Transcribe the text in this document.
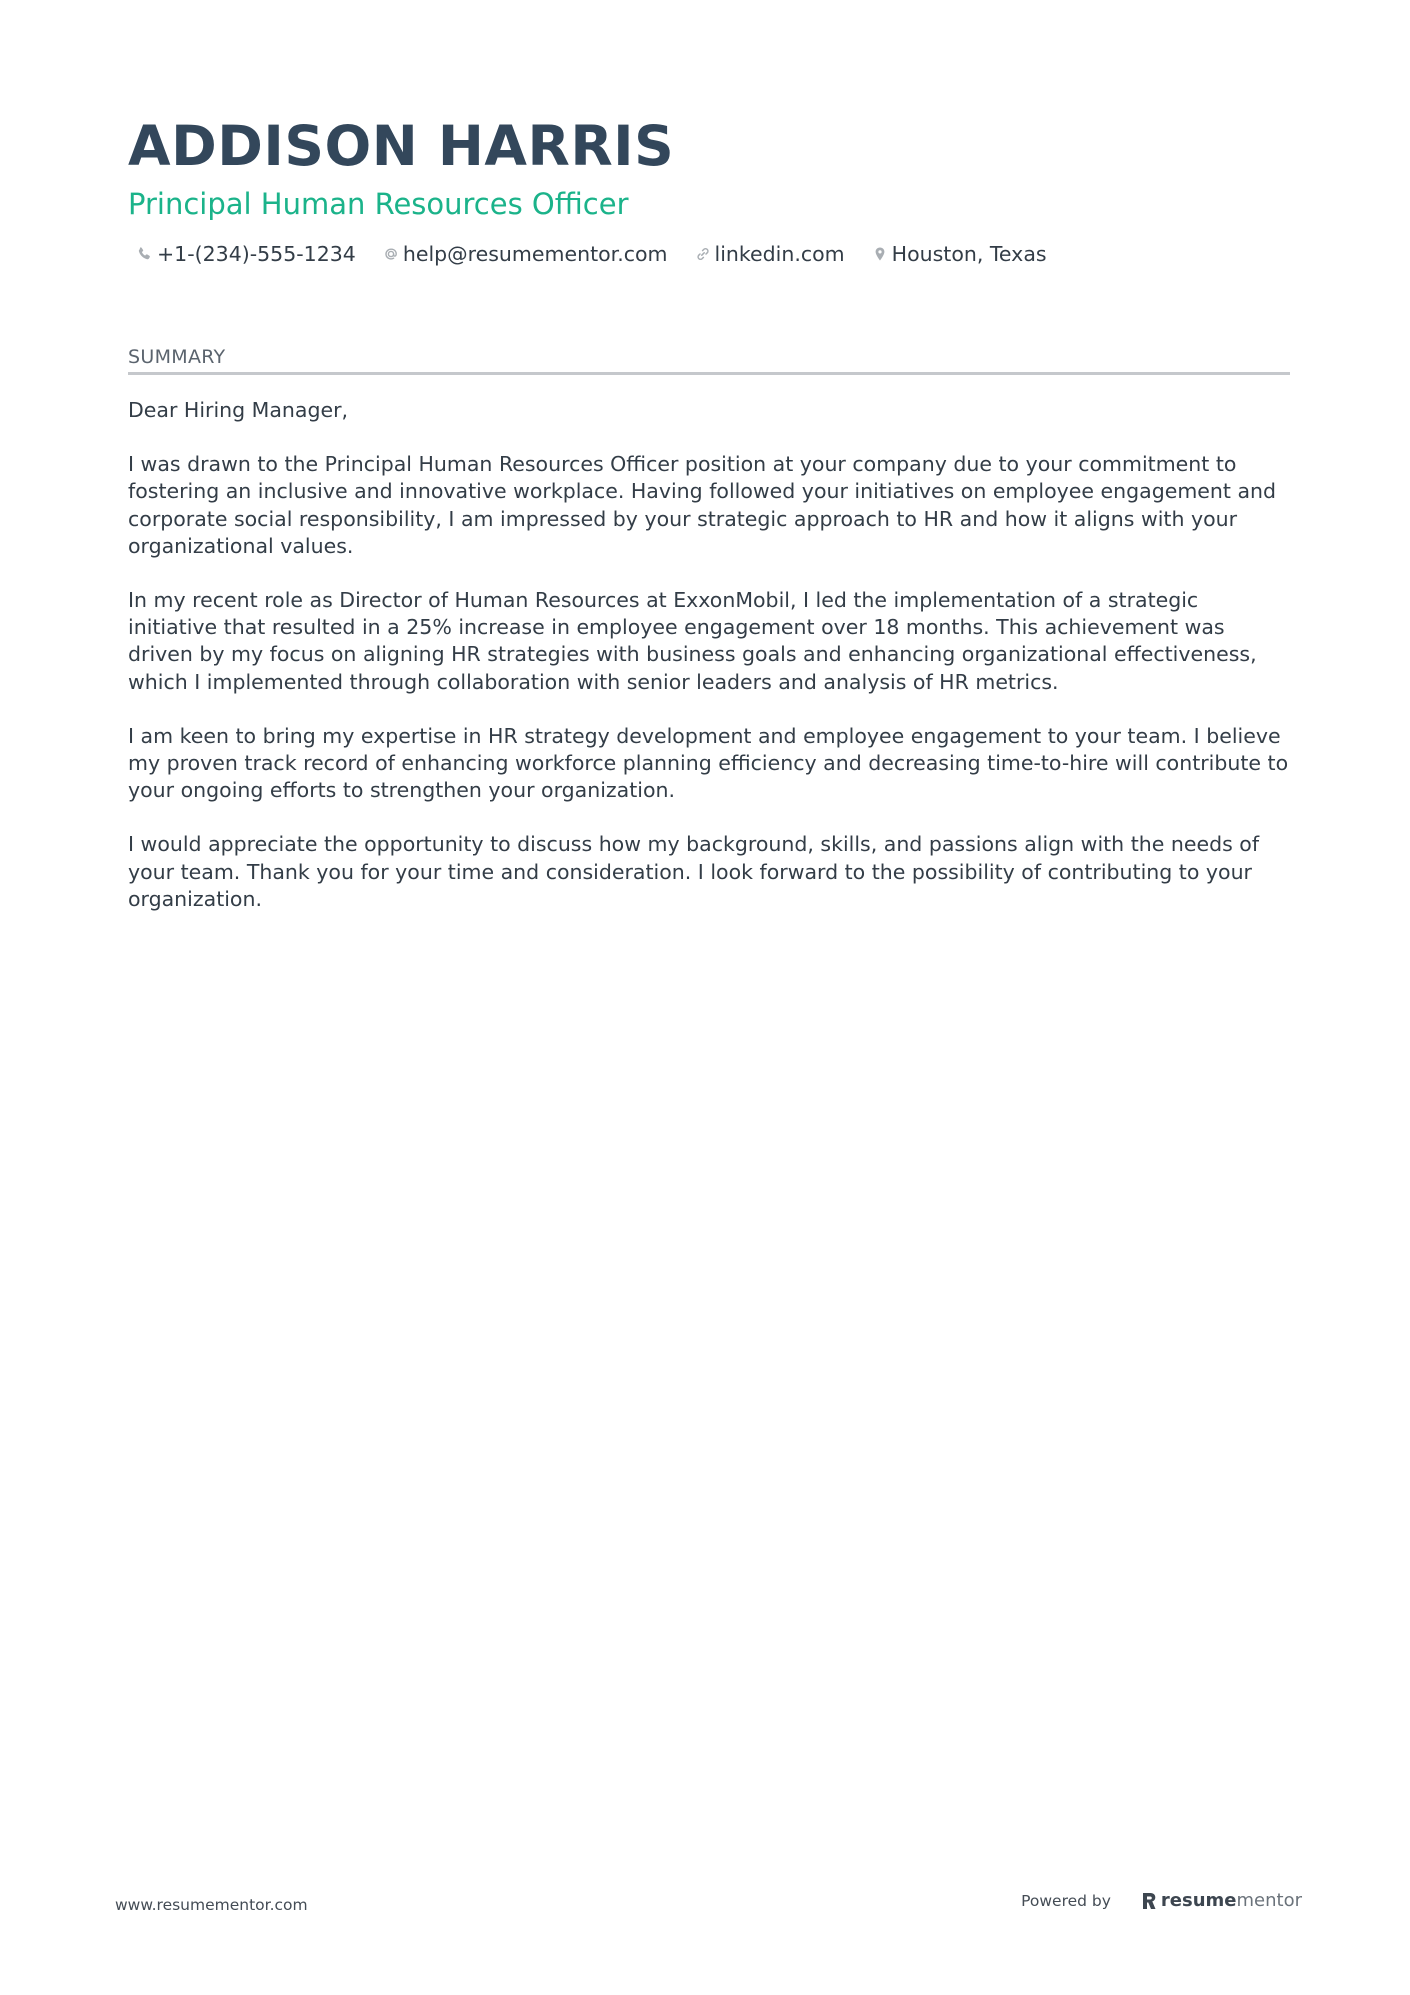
ADDISON HARRIS
Principal Human Resources Officer
+1-(234)-555-1234 help@resumementor.com linkedin.com Houston, Texas
SUMMARY

Dear Hiring Manager,

I was drawn to the Principal Human Resources Officer position at your company due to your commitment to fostering an inclusive and innovative workplace. Having followed your initiatives on employee engagement and corporate social responsibility, I am impressed by your strategic approach to HR and how it aligns with your organizational values.

In my recent role as Director of Human Resources at ExxonMobil, I led the implementation of a strategic initiative that resulted in a 25% increase in employee engagement over 18 months. This achievement was driven by my focus on aligning HR strategies with business goals and enhancing organizational effectiveness, which I implemented through collaboration with senior leaders and analysis of HR metrics.

I am keen to bring my expertise in HR strategy development and employee engagement to your team. I believe my proven track record of enhancing workforce planning efficiency and decreasing time-to-hire will contribute to your ongoing efforts to strengthen your organization.

I would appreciate the opportunity to discuss how my background, skills, and passions align with the needs of your team. Thank you for your time and consideration. I look forward to the possibility of contributing to your organization.

www.resumementor.com	Powered by	resume mentor
